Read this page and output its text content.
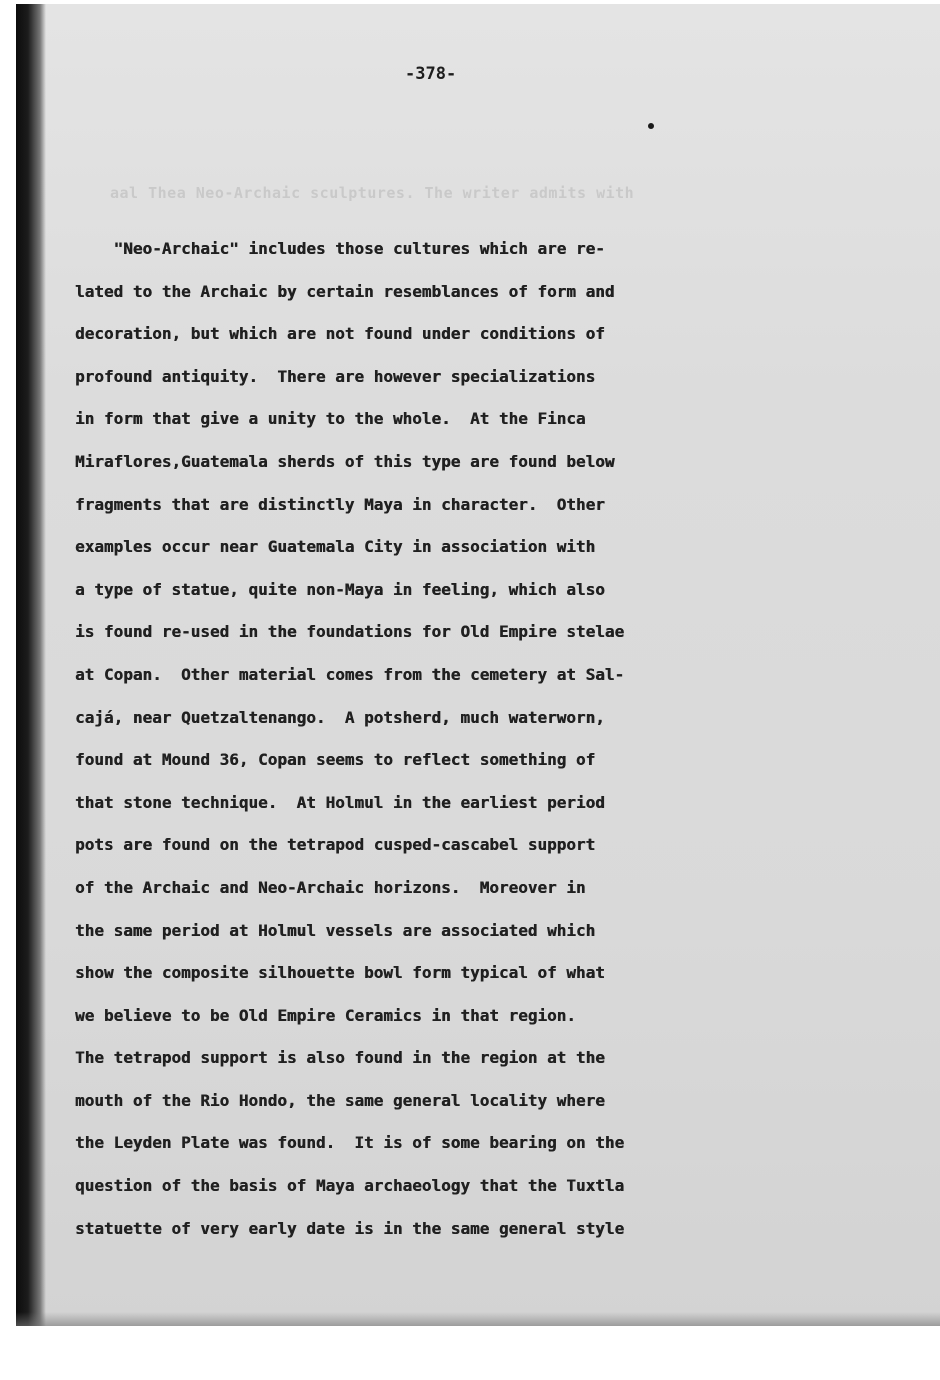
aal Thea Neo-Archaic sculptures. The writer admits with
-378-
"Neo-Archaic" includes those cultures which are re-
lated to the Archaic by certain resemblances of form and
decoration, but which are not found under conditions of
profound antiquity.  There are however specializations
in form that give a unity to the whole.  At the Finca
Miraflores,Guatemala sherds of this type are found below
fragments that are distinctly Maya in character.  Other
examples occur near Guatemala City in association with
a type of statue, quite non-Maya in feeling, which also
is found re-used in the foundations for Old Empire stelae
at Copan.  Other material comes from the cemetery at Sal-
cajá, near Quetzaltenango.  A potsherd, much waterworn,
found at Mound 36, Copan seems to reflect something of
that stone technique.  At Holmul in the earliest period
pots are found on the tetrapod cusped-cascabel support
of the Archaic and Neo-Archaic horizons.  Moreover in
the same period at Holmul vessels are associated which
show the composite silhouette bowl form typical of what
we believe to be Old Empire Ceramics in that region.
The tetrapod support is also found in the region at the
mouth of the Rio Hondo, the same general locality where
the Leyden Plate was found.  It is of some bearing on the
question of the basis of Maya archaeology that the Tuxtla
statuette of very early date is in the same general style
